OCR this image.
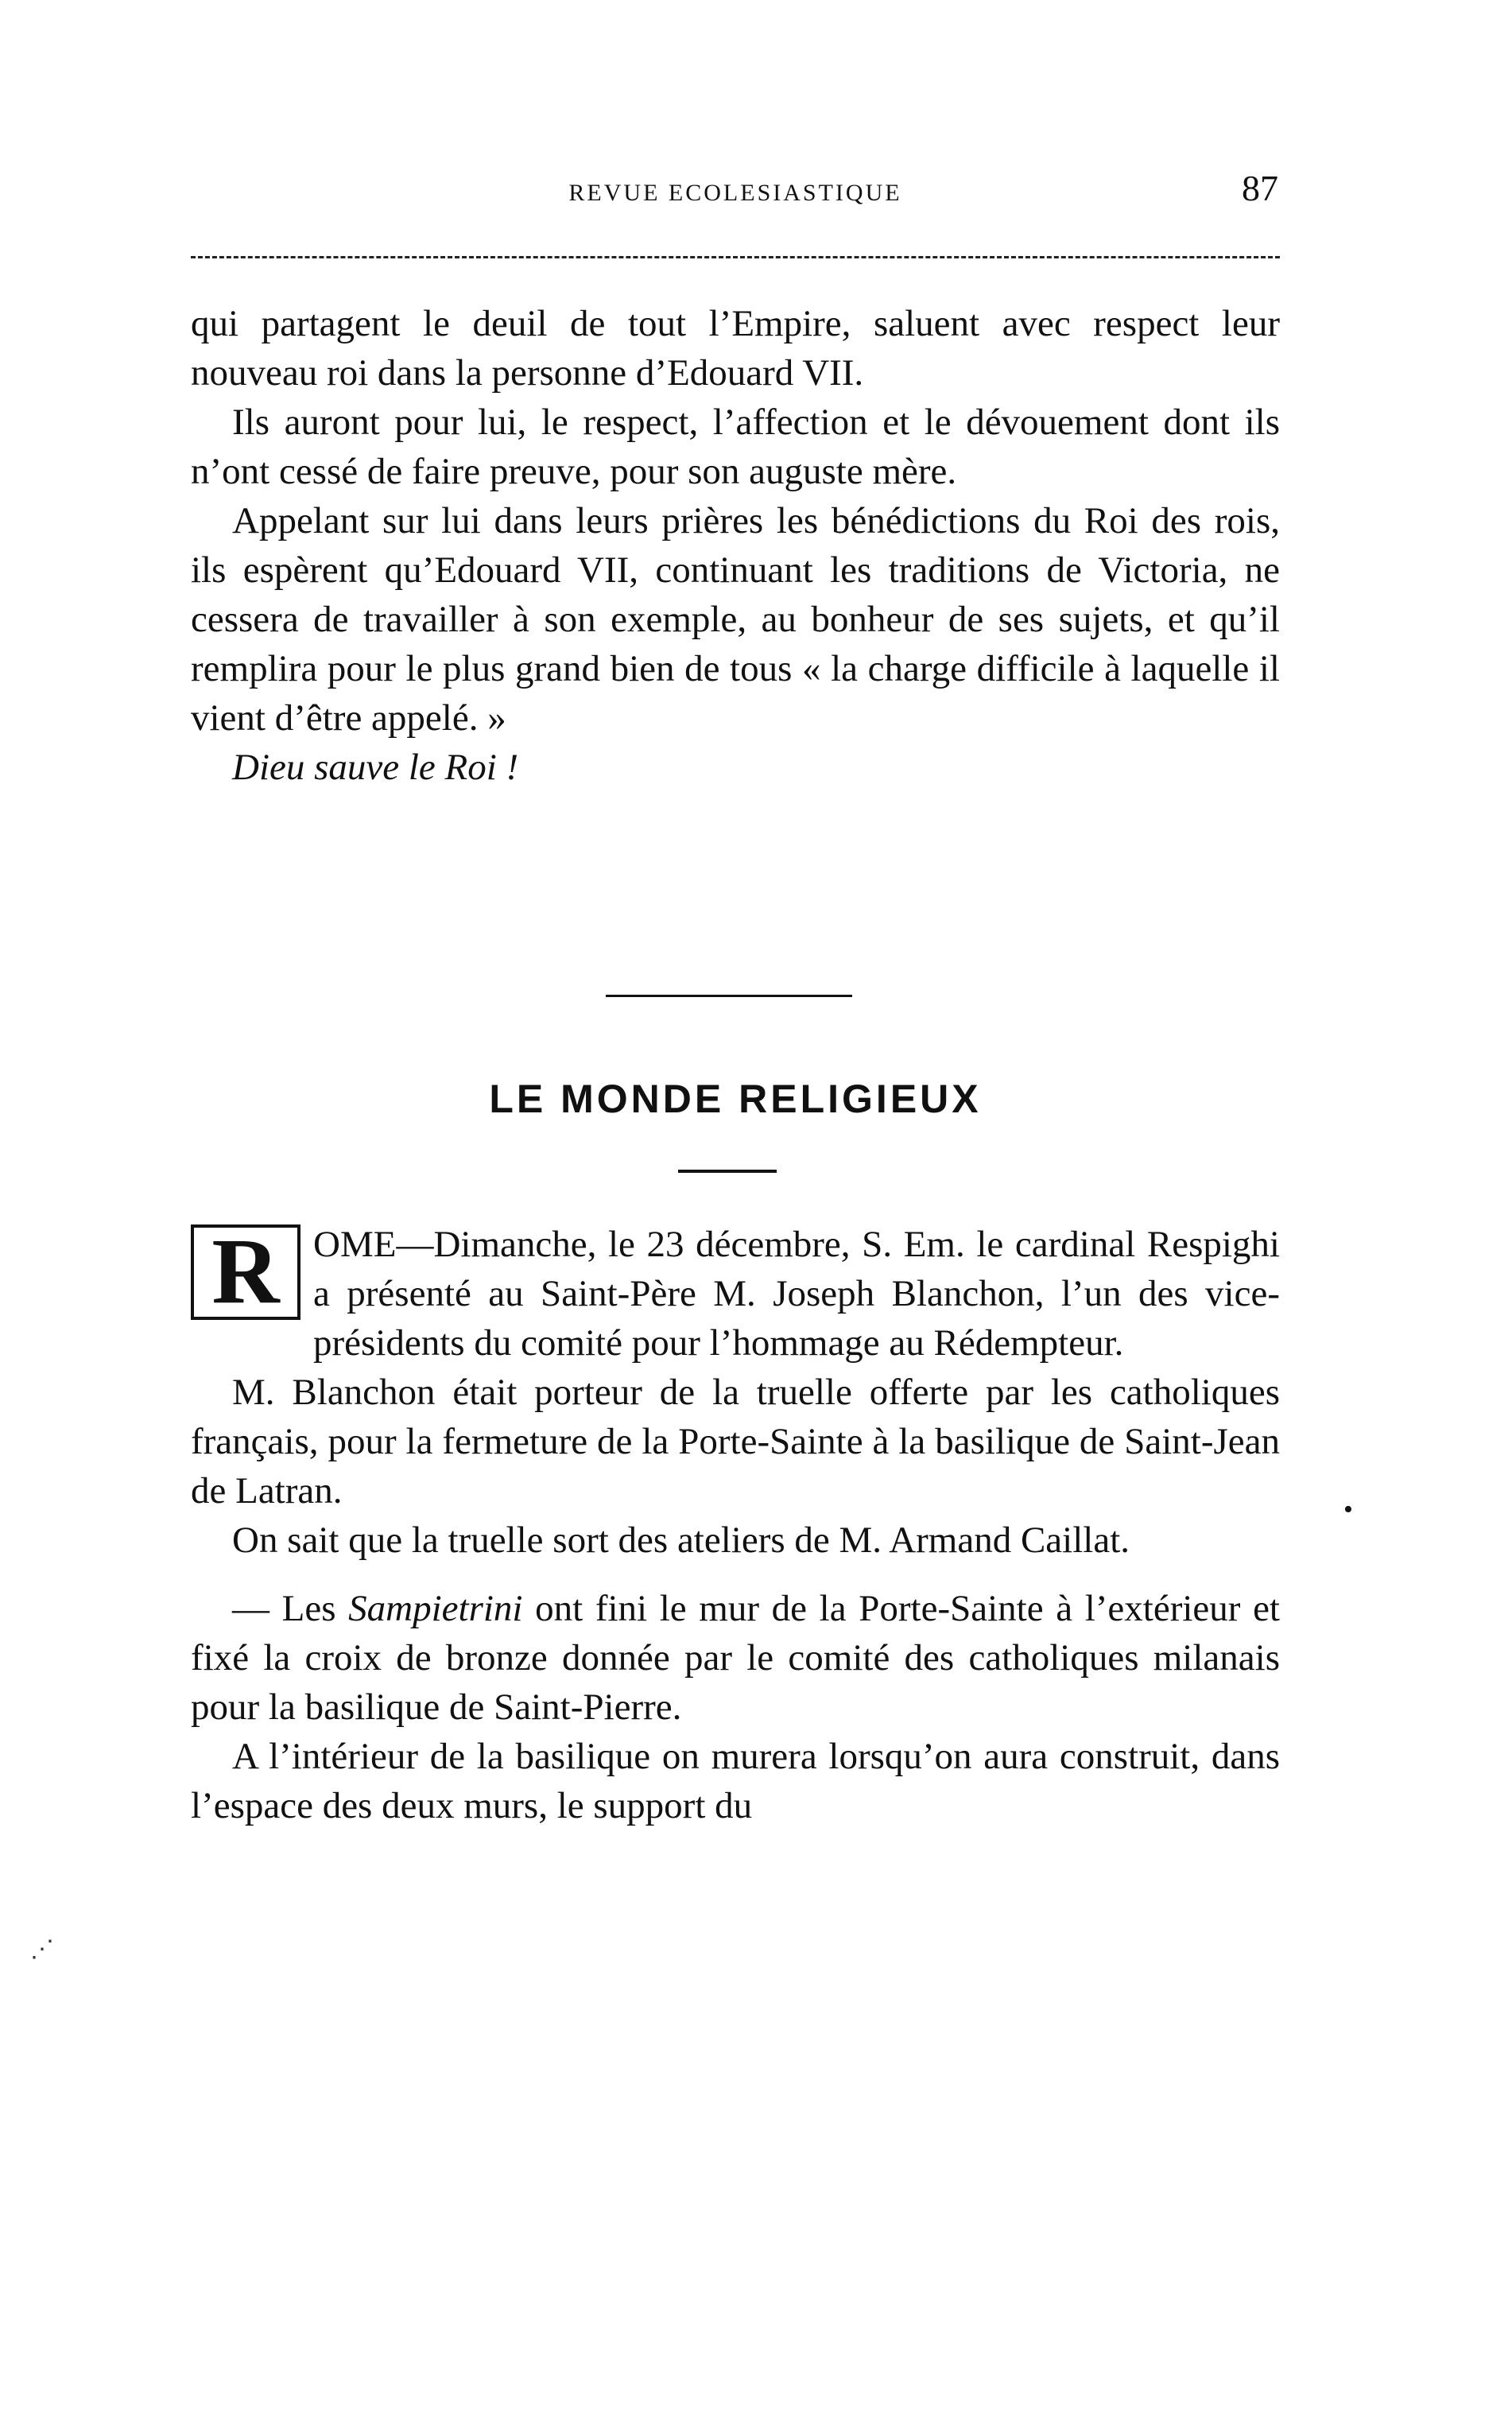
REVUE ECOLESIASTIQUE	87

qui partagent le deuil de tout l’Empire, saluent avec respect leur nouveau roi dans la personne d’Edouard VII.

Ils auront pour lui, le respect, l’affection et le dévouement dont ils n’ont cessé de faire preuve, pour son auguste mère.

Appelant sur lui dans leurs prières les bénédictions du Roi des rois, ils espèrent qu’Edouard VII, continuant les traditions de Victoria, ne cessera de travailler à son exemple, au bonheur de ses sujets, et qu’il remplira pour le plus grand bien de tous « la charge difficile à laquelle il vient d’être appelé. »

Dieu sauve le Roi !

LE MONDE RELIGIEUX

R OME—Dimanche, le 23 décembre, S. Em. le cardinal Respighi a présenté au Saint-Père M. Joseph Blanchon, l’un des vice-présidents du comité pour l’hommage au Rédempteur.

M. Blanchon était porteur de la truelle offerte par les catholiques français, pour la fermeture de la Porte-Sainte à la basilique de Saint-Jean de Latran.

On sait que la truelle sort des ateliers de M. Armand Caillat.

— Les Sampietrini ont fini le mur de la Porte-Sainte à l’extérieur et fixé la croix de bronze donnée par le comité des catholiques milanais pour la basilique de Saint-Pierre.

A l’intérieur de la basilique on murera lorsqu’on aura construit, dans l’espace des deux murs, le support du

•
⋰
